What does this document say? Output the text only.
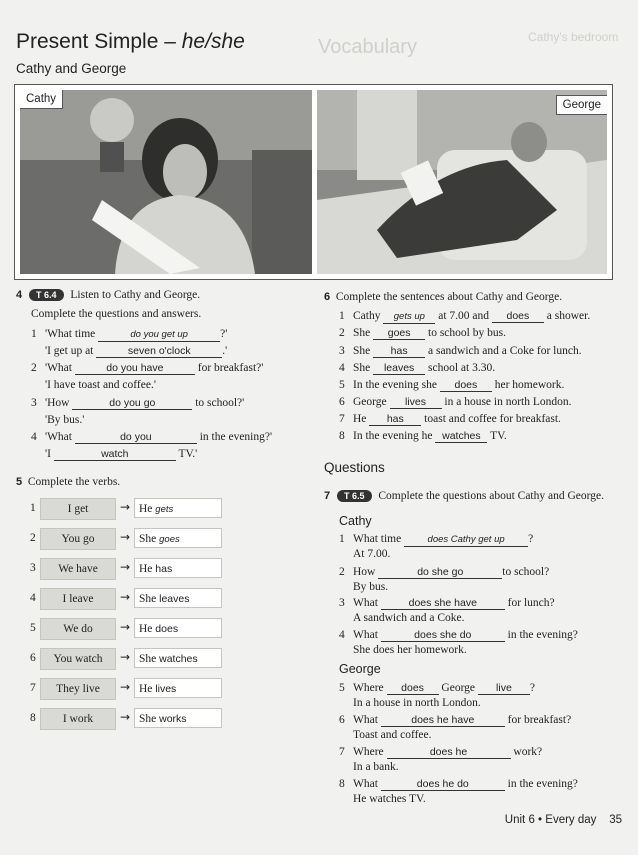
Vocabulary	Cathy's bedroom
Present Simple – he/she
Cathy and George
Cathy	George
4 T 6.4 Listen to Cathy and George.
Complete the questions and answers.
1 'What time	do you get up	?'
'I get up at	seven o'clock	.'
2 'What	do you have	for breakfast?'
'I have toast and coffee.'
3 'How	do you go	to school?'
'By bus.'
4 'What	do you	in the evening?'
'I	watch	TV.'
5 Complete the verbs.
1	I get	→ He gets
2	You go	→ She goes
3	We have	→ He has
4	I leave	→ She leaves
5	We do	→ He does
6	You watch	→ She watches
7	They live	→ He lives
8	I work	→ She works
6 Complete the sentences about Cathy and George.
1 Cathy gets up at 7.00 and does a shower.
2 She goes to school by bus.
3 She has a sandwich and a Coke for lunch.
4 She leaves school at 3.30.
5 In the evening she does her homework.
6 George lives in a house in north London.
7 He has toast and coffee for breakfast.
8 In the evening he watches TV.
Questions
7 T 6.5 Complete the questions about Cathy and George.
Cathy
1 What time	does Cathy get up ?
At 7.00.
2 How	do she go	to school?
By bus.
3 What	does she have	for lunch?
A sandwich and a Coke.
4 What	does she do	in the evening?
She does her homework.
George
5 Where does George live ?
In a house in north London.
6 What	does he have	for breakfast?
Toast and coffee.
7 Where	does he	work?
In a bank.
8 What	does he do	in the evening?
He watches TV.
Unit 6 • Every day 35
